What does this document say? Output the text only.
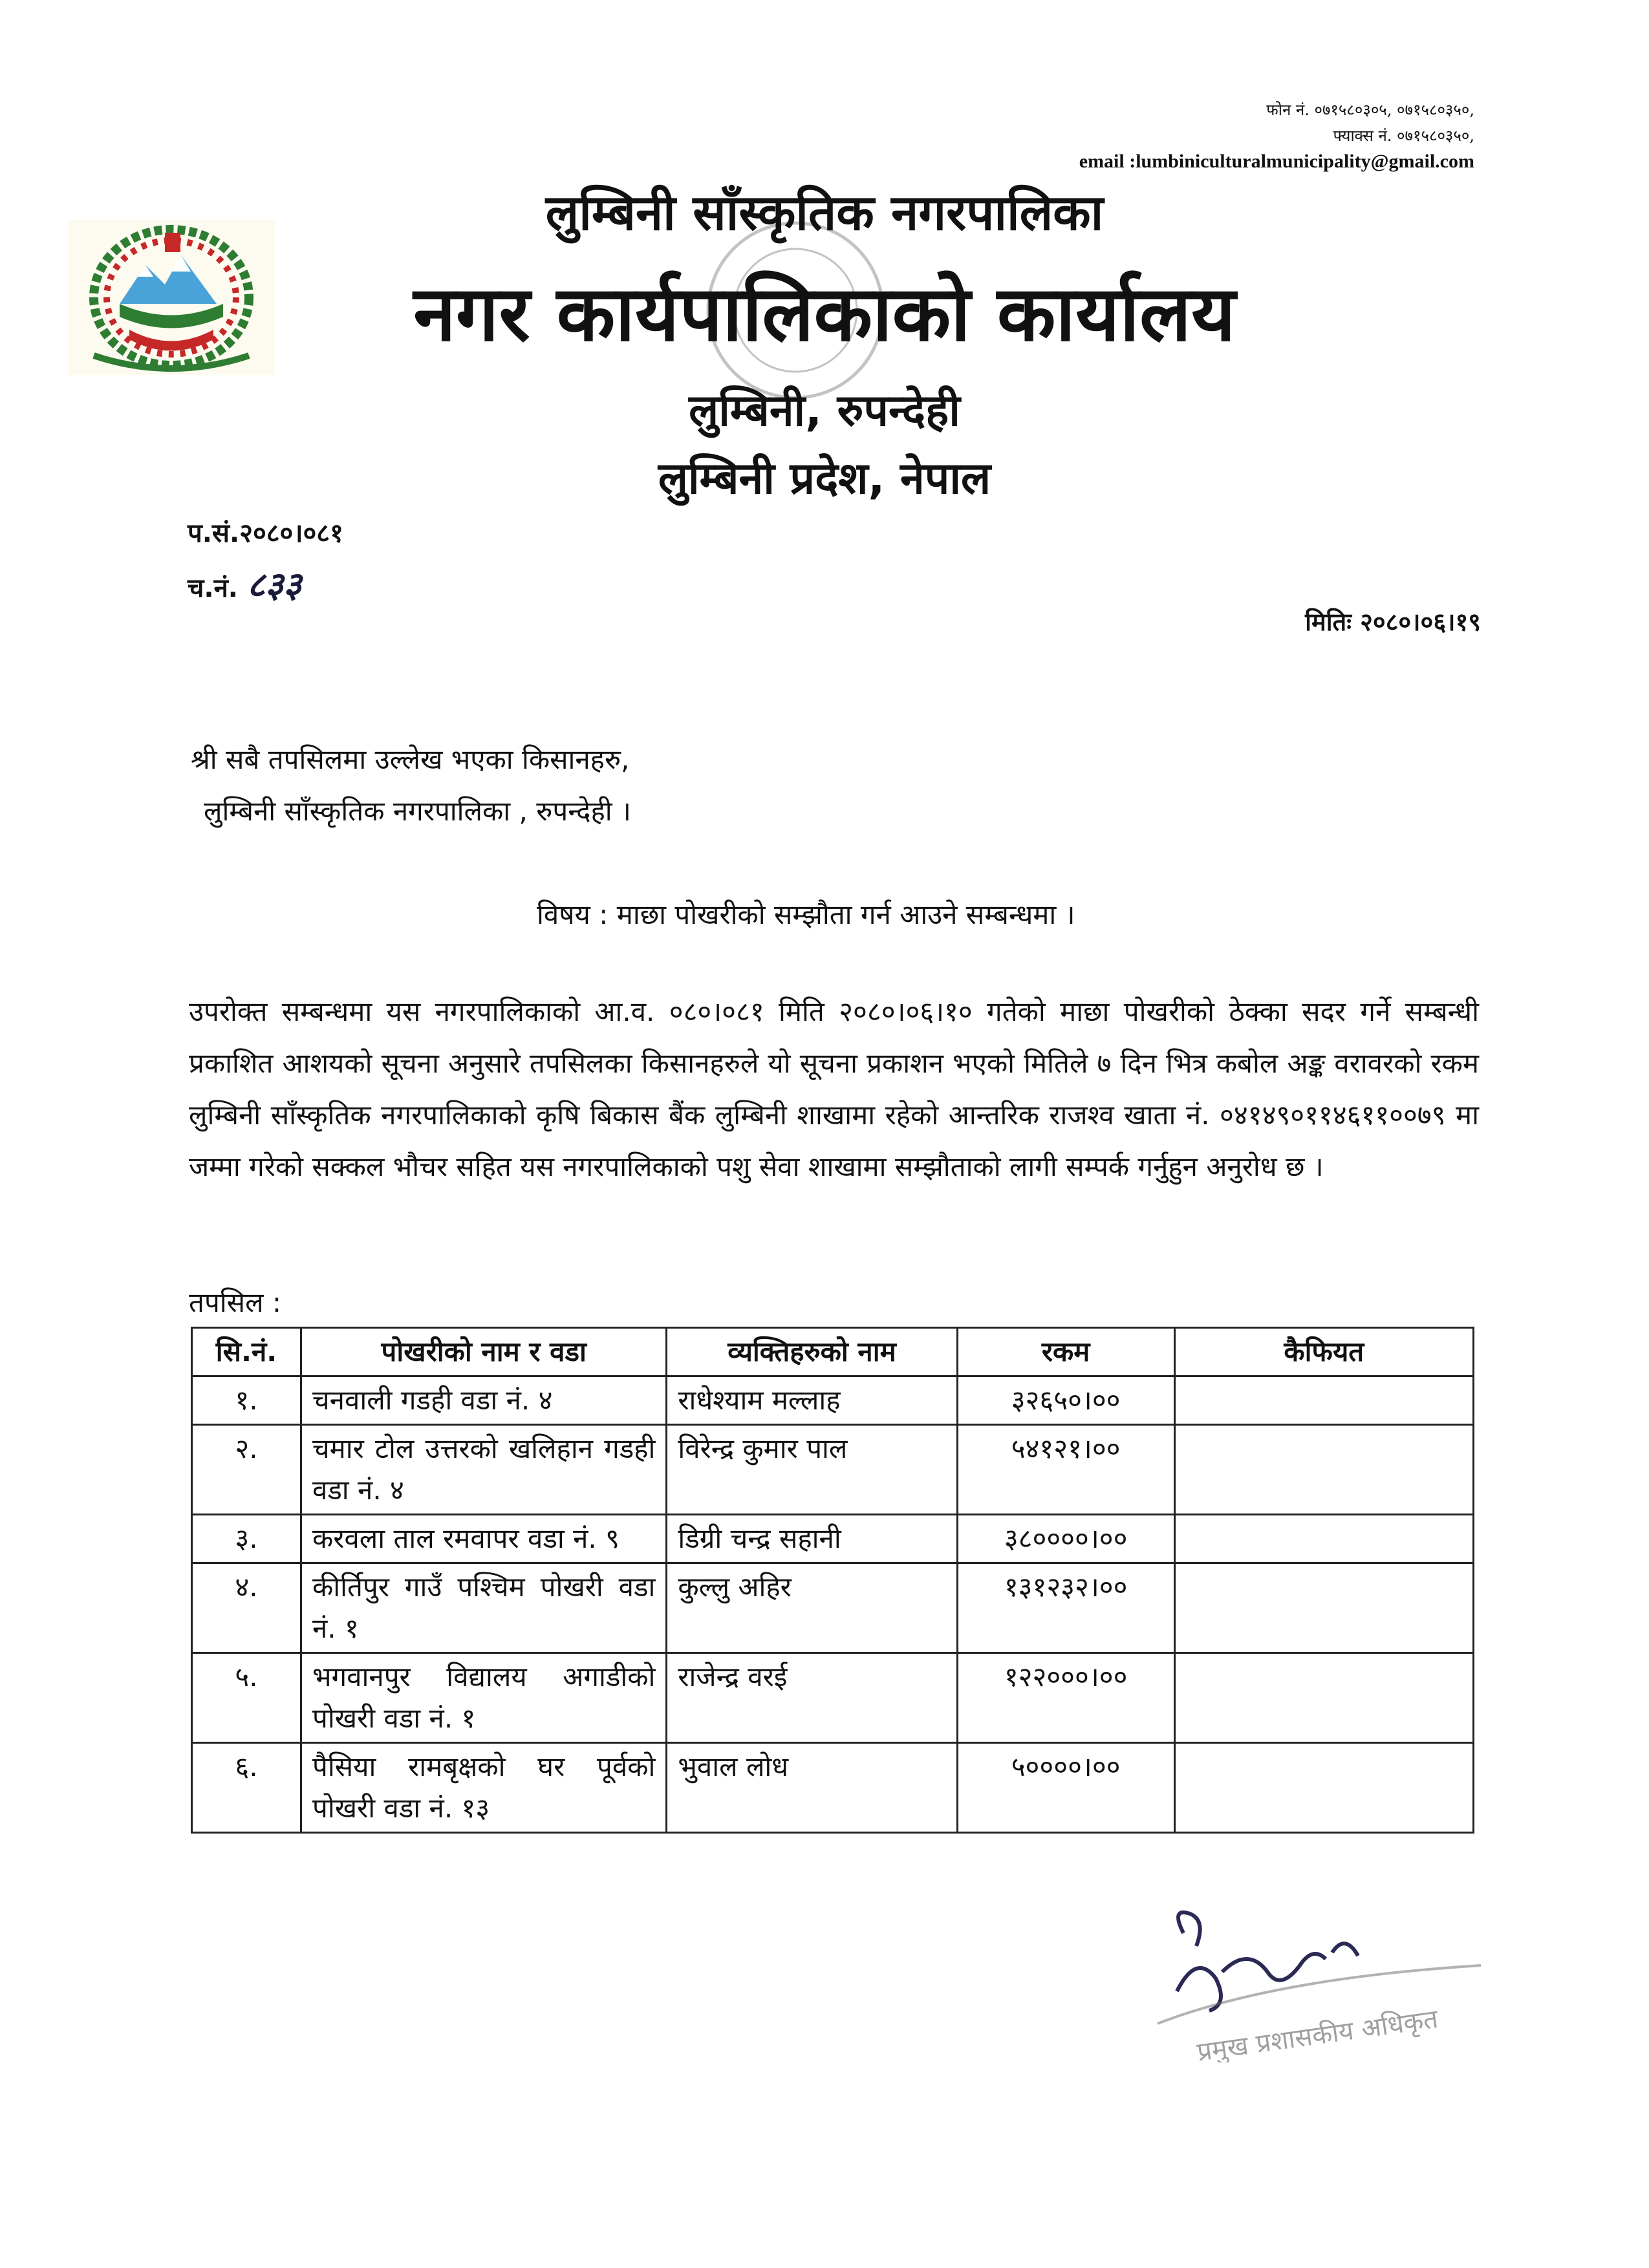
फोन नं. ०७१५८०३०५, ०७१५८०३५०,
फ्याक्स नं. ०७१५८०३५०,
email :lumbiniculturalmunicipality@gmail.com
लुम्बिनी साँस्कृतिक नगरपालिका
नगर कार्यपालिकाको कार्यालय
लुम्बिनी, रुपन्देही
लुम्बिनी प्रदेश, नेपाल
प.सं.२०८०।०८१
च.नं. ८३३
मितिः २०८०।०६।१९
श्री सबै तपसिलमा उल्लेख भएका किसानहरु,
लुम्बिनी साँस्कृतिक नगरपालिका , रुपन्देही ।
विषय : माछा पोखरीको सम्झौता गर्न आउने सम्बन्धमा ।
उपरोक्त सम्बन्धमा यस नगरपालिकाको आ.व. ०८०।०८१ मिति २०८०।०६।१० गतेको माछा पोखरीको ठेक्का सदर गर्ने सम्बन्धी प्रकाशित आशयको सूचना अनुसारे तपसिलका किसानहरुले यो सूचना प्रकाशन भएको मितिले ७ दिन भित्र कबोल अङ्क वरावरको रकम लुम्बिनी साँस्कृतिक नगरपालिकाको कृषि बिकास बैंक लुम्बिनी शाखामा रहेको आन्तरिक राजश्व खाता नं. ०४१४९०११४६११००७९ मा जम्मा गरेको सक्कल भौचर सहित यस नगरपालिकाको पशु सेवा शाखामा सम्झौताको लागी सम्पर्क गर्नुहुन अनुरोध छ ।
तपसिल :
सि.नं.	पोखरीको नाम र वडा	व्यक्तिहरुको नाम	रकम	कैफियत
१.	चनवाली गडही वडा नं. ४	राधेश्याम मल्लाह	३२६५०।००	
२.	चमार टोल उत्तरको खलिहान गडही वडा नं. ४	विरेन्द्र कुमार पाल	५४१२१।००	
३.	करवला ताल रमवापर वडा नं. ९	डिग्री चन्द्र सहानी	३८००००।००	
४.	कीर्तिपुर गाउँ पश्चिम पोखरी वडा नं. १	कुल्लु अहिर	१३१२३२।००	
५.	भगवानपुर विद्यालय अगाडीको पोखरी वडा नं. १	राजेन्द्र वरई	१२२०००।००	
६.	पैसिया रामबृक्षको घर पूर्वको पोखरी वडा नं. १३	भुवाल लोध	५००००।००	
प्रमुख प्रशासकीय अधिकृत
